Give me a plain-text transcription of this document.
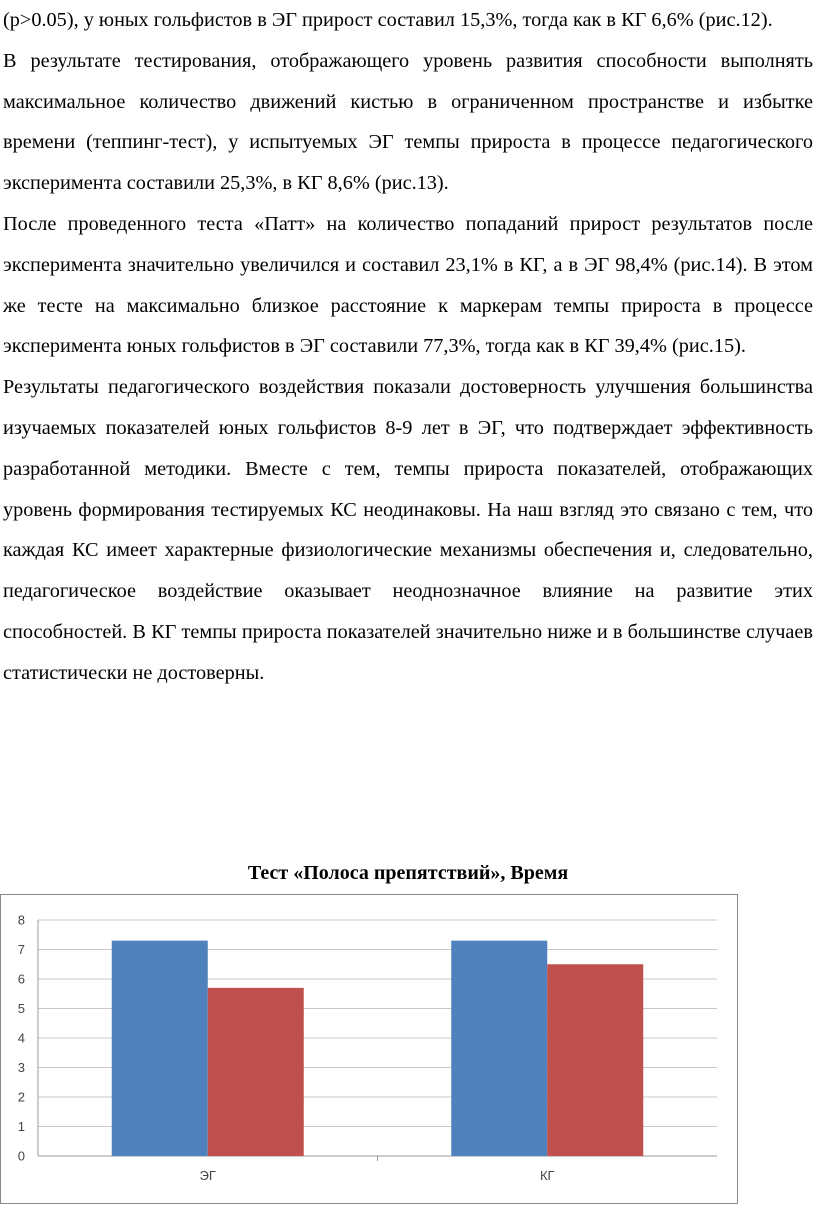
(p>0.05), у юных гольфистов в ЭГ прирост составил 15,3%, тогда как в КГ 6,6% (рис.12).

В результате тестирования, отображающего уровень развития способности выполнять максимальное количество движений кистью в ограниченном пространстве и избытке времени (теппинг-тест), у испытуемых ЭГ темпы прироста в процессе педагогического эксперимента составили 25,3%, в КГ 8,6% (рис.13).

После проведенного теста «Патт» на количество попаданий прирост результатов после эксперимента значительно увеличился и составил 23,1% в КГ, а в ЭГ 98,4% (рис.14). В этом же тесте на максимально близкое расстояние к маркерам темпы прироста в процессе эксперимента юных гольфистов в ЭГ составили 77,3%, тогда как в КГ 39,4% (рис.15).

Результаты педагогического воздействия показали достоверность улучшения большинства изучаемых показателей юных гольфистов 8-9 лет в ЭГ, что подтверждает эффективность разработанной методики. Вместе с тем, темпы прироста показателей, отображающих уровень формирования тестируемых КС неодинаковы. На наш взгляд это связано с тем, что каждая КС имеет характерные физиологические механизмы обеспечения и, следовательно, педагогическое воздействие оказывает неоднозначное влияние на развитие этих способностей. В КГ темпы прироста показателей значительно ниже и в большинстве случаев статистически не достоверны.

Тест «Полоса препятствий», Время
0
1
2
3
4
5
6
7
8
ЭГ	КГ
